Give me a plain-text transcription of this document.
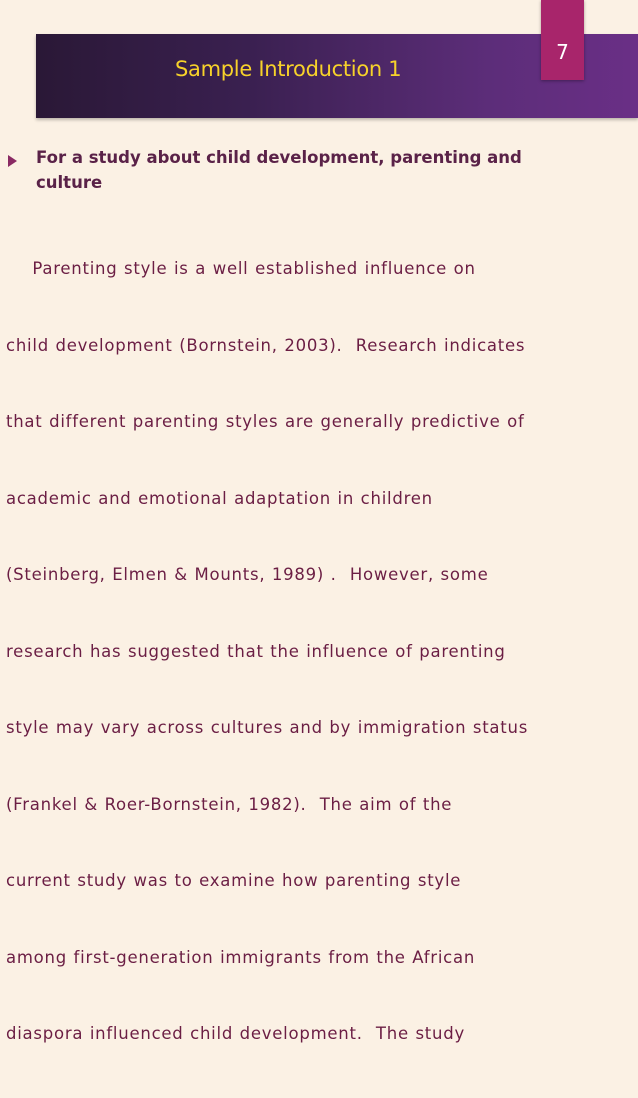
Sample Introduction 1
7
For a study about child development, parenting and
culture

Parenting style is a well established influence on

child development (Bornstein, 2003).  Research indicates

that different parenting styles are generally predictive of

academic and emotional adaptation in children

(Steinberg, Elmen & Mounts, 1989) .  However, some

research has suggested that the influence of parenting

style may vary across cultures and by immigration status

(Frankel & Roer-Bornstein, 1982).  The aim of the

current study was to examine how parenting style

among first-generation immigrants from the African

diaspora influenced child development.  The study
